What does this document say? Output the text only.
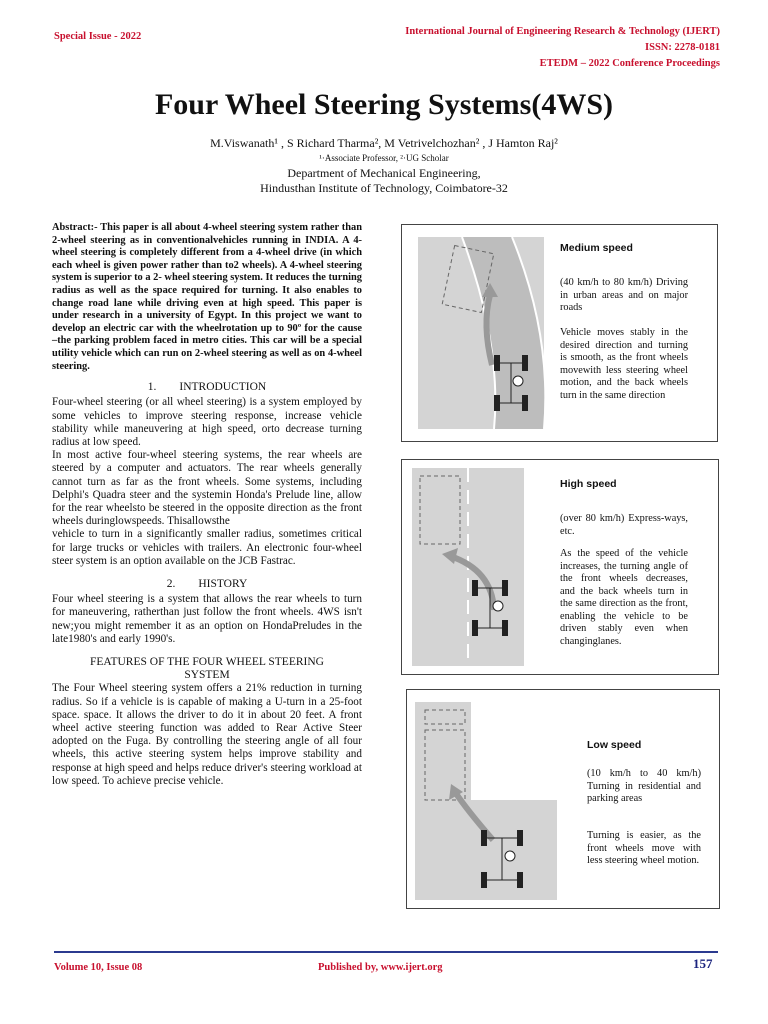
Special Issue - 2022	International Journal of Engineering Research & Technology (IJERT)
ISSN: 2278-0181
ETEDM – 2022 Conference Proceedings
Four Wheel Steering Systems(4WS)
M.Viswanath¹ , S Richard Tharma², M Vetrivelchozhan² , J Hamton Raj²
¹·Associate Professor, ²·UG Scholar
Department of Mechanical Engineering,
Hindusthan Institute of Technology, Coimbatore-32
Abstract:- This paper is all about 4-wheel steering system rather than 2-wheel steering as in conventionalvehicles running in INDIA. A 4-wheel steering is completely different from a 4-wheel drive (in which each wheel is given power rather than to2 wheels). A 4-wheel steering system is superior to a 2- wheel steering system. It reduces the turning radius as well as the space required for turning. It also enables to change road lane while driving even at high speed. This paper is under research in a university of Egypt. In this project we want to develop an electric car with the wheelrotation up to 90º for the cause –the parking problem faced in metro cities. This car will be a special utility vehicle which can run on 2-wheel steering as well as on 4-wheel steering.
1.        INTRODUCTION
Four-wheel steering (or all wheel steering) is a system employed by some vehicles to improve steering response, increase vehicle stability while maneuvering at high speed, orto decrease turning radius at low speed.
In most active four-wheel steering systems, the rear wheels are steered by a computer and actuators. The rear wheels generally cannot turn as far as the front wheels. Some systems, including Delphi's Quadra steer and the systemin Honda's Prelude line, allow for the rear wheelsto be steered in the opposite direction as the front wheels duringlowspeeds. Thisallowsthe
vehicle to turn in a significantly smaller radius, sometimes critical for large trucks or vehicles with trailers. An electronic four-wheel steer system is an option available on the JCB Fastrac.
2.        HISTORY
Four wheel steering is a system that allows the rear wheels to turn for maneuvering, ratherthan just follow the front wheels. 4WS isn't new;you might remember it as an option on HondaPreludes in the late1980's and early 1990's.
FEATURES OF THE FOUR WHEEL STEERING SYSTEM
The Four Wheel steering system offers a 21% reduction in turning radius. So if a vehicle is is capable of making a U-turn in a 25-foot space. space. It allows the driver to do it in about 20 feet. A front wheel active steering function was added to Rear Active Steer adopted on the Fuga. By controlling the steering angle of all four wheels, this active steering system helps improve stability and response at high speed and helps reduce driver's steering workload at low speed. To achieve precise vehicle.
Medium speed
(40 km/h to 80 km/h) Driving in urban areas and on major roads
Vehicle moves stably in the desired direction and turning is smooth, as the front wheels movewith less steering wheel motion, and the back wheels turn in the same direction
High speed
(over 80 km/h) Express-ways, etc.
As the speed of the vehicle increases, the turning angle of the front wheels decreases, and the back wheels turn in the same direction as the front, enabling the vehicle to be driven stably even when changinglanes.
Low speed
(10 km/h to 40 km/h) Turning in residential and parking areas
Turning is easier, as the front wheels move with less steering wheel motion.
Volume 10, Issue 08	Published by, www.ijert.org	157
